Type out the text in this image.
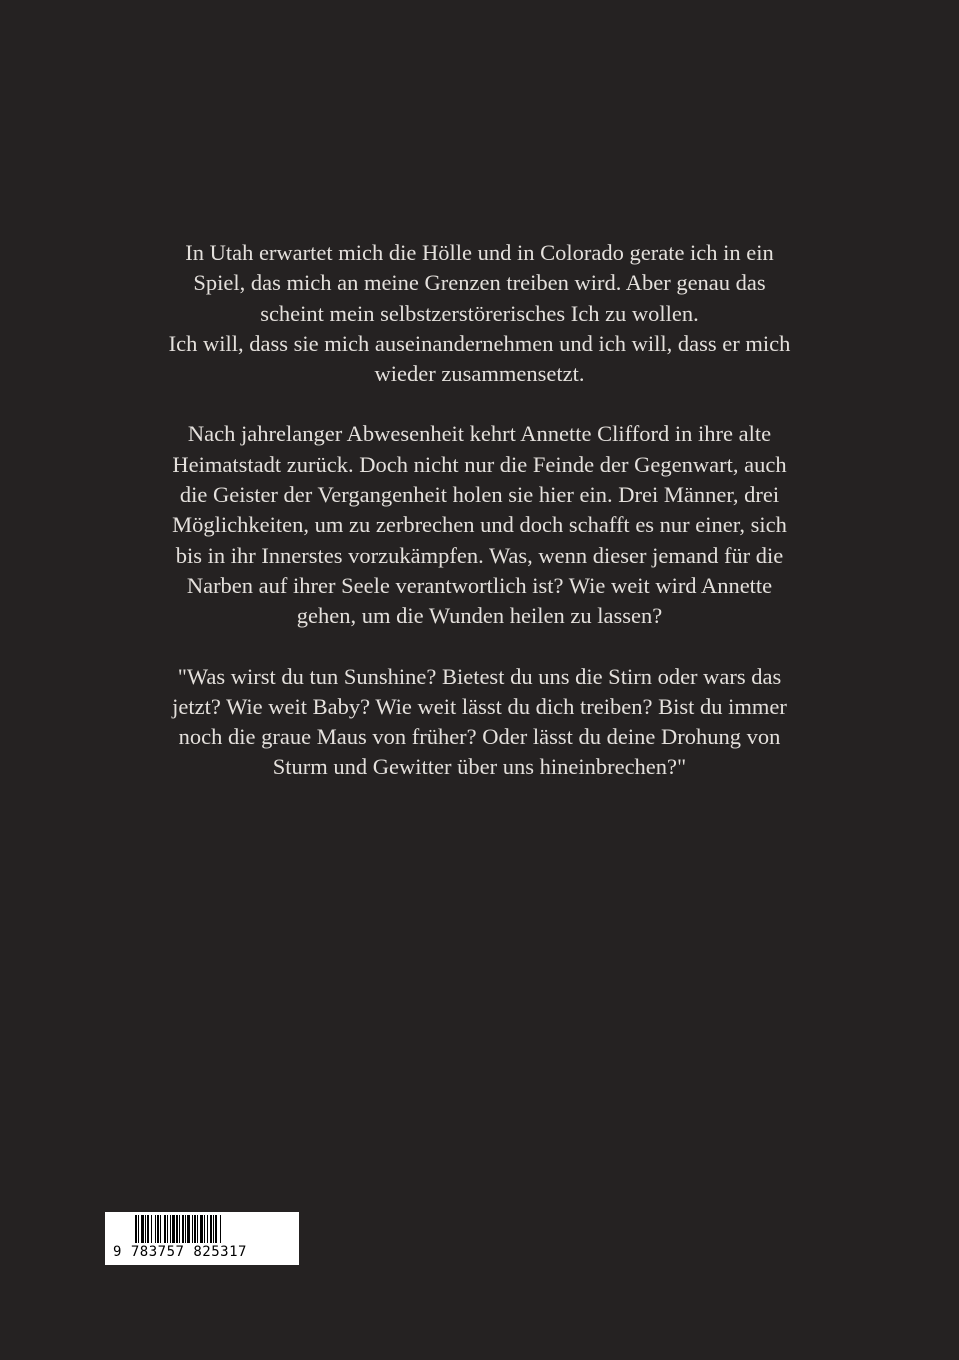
In Utah erwartet mich die Hölle und in Colorado gerate ich in ein
Spiel, das mich an meine Grenzen treiben wird. Aber genau das
scheint mein selbstzerstörerisches Ich zu wollen.
Ich will, dass sie mich auseinandernehmen und ich will, dass er mich
wieder zusammensetzt.

Nach jahrelanger Abwesenheit kehrt Annette Clifford in ihre alte
Heimatstadt zurück. Doch nicht nur die Feinde der Gegenwart, auch
die Geister der Vergangenheit holen sie hier ein. Drei Männer, drei
Möglichkeiten, um zu zerbrechen und doch schafft es nur einer, sich
bis in ihr Innerstes vorzukämpfen. Was, wenn dieser jemand für die
Narben auf ihrer Seele verantwortlich ist? Wie weit wird Annette
gehen, um die Wunden heilen zu lassen?

"Was wirst du tun Sunshine? Bietest du uns die Stirn oder wars das
jetzt? Wie weit Baby? Wie weit lässt du dich treiben? Bist du immer
noch die graue Maus von früher? Oder lässt du deine Drohung von
Sturm und Gewitter über uns hineinbrechen?"

9 783757 825317
